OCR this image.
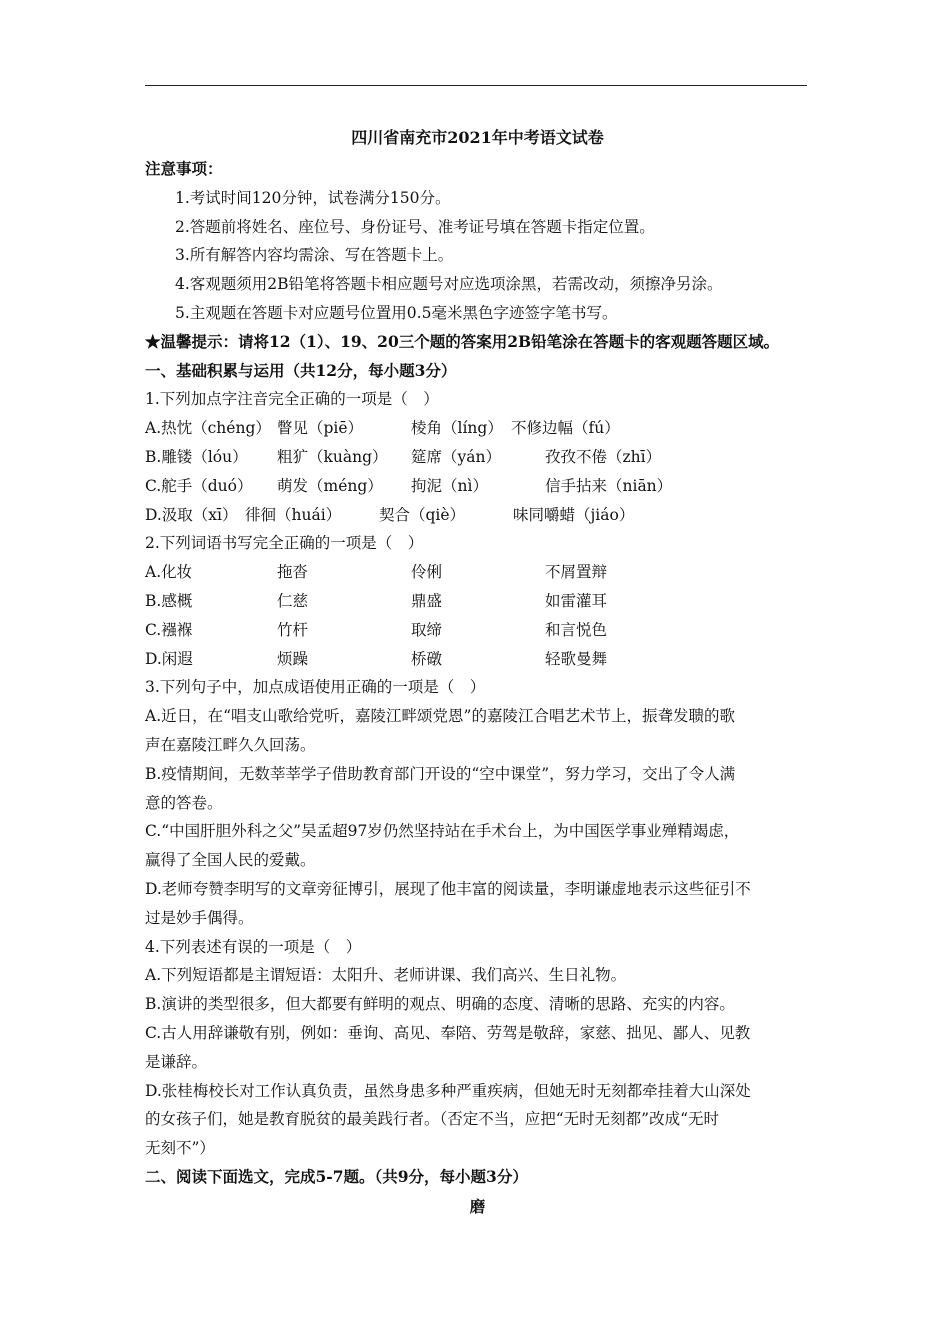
四川省南充市2021年中考语文试卷
注意事项：
1.考试时间120分钟，试卷满分150分。
2.答题前将姓名、座位号、身份证号、准考证号填在答题卡指定位置。
3.所有解答内容均需涂、写在答题卡上。
4.客观题须用2B铅笔将答题卡相应题号对应选项涂黑，若需改动，须擦净另涂。
5.主观题在答题卡对应题号位置用0.5毫米黑色字迹签字笔书写。
★温馨提示：请将12（1）、19、20三个题的答案用2B铅笔涂在答题卡的客观题答题区域。
一、基础积累与运用（共12分，每小题3分）
1.下列加点字注音完全正确的一项是（　）
A.热忱（chéng） 瞥见（piē）	棱角（líng） 不修边幅（fú）
B.雕镂（lóu）	粗犷（kuàng）	筵席（yán）	孜孜不倦（zhī）
C.舵手（duó）	萌发（méng）	拘泥（nì）	信手拈来（niān）
D.汲取（xī） 徘徊（huái）	契合（qiè）	味同嚼蜡（jiáo）
2.下列词语书写完全正确的一项是（　）
A.化妆	拖沓	伶俐	不屑置辩
B.感概	仁慈	鼎盛	如雷灌耳
C.襁褓	竹杆	取缔	和言悦色
D.闲遐	烦躁	桥礅	轻歌曼舞
3.下列句子中，加点成语使用正确的一项是（　）
A.近日，在“唱支山歌给党听，嘉陵江畔颂党恩”的嘉陵江合唱艺术节上，振聋发聩的歌
声在嘉陵江畔久久回荡。
B.疫情期间，无数莘莘学子借助教育部门开设的“空中课堂”，努力学习，交出了令人满
意的答卷。
C.“中国肝胆外科之父”吴孟超97岁仍然坚持站在手术台上，为中国医学事业殚精竭虑，
赢得了全国人民的爱戴。
D.老师夸赞李明写的文章旁征博引，展现了他丰富的阅读量，李明谦虚地表示这些征引不
过是妙手偶得。
4.下列表述有误的一项是（　）
A.下列短语都是主谓短语：太阳升、老师讲课、我们高兴、生日礼物。
B.演讲的类型很多，但大都要有鲜明的观点、明确的态度、清晰的思路、充实的内容。
C.古人用辞谦敬有别，例如：垂询、高见、奉陪、劳驾是敬辞，家慈、拙见、鄙人、见教
是谦辞。
D.张桂梅校长对工作认真负责，虽然身患多种严重疾病，但她无时无刻都牵挂着大山深处
的女孩子们，她是教育脱贫的最美践行者。（否定不当，应把“无时无刻都”改成“无时
无刻不”）
二、阅读下面选文，完成5-7题。（共9分，每小题3分）
磨
